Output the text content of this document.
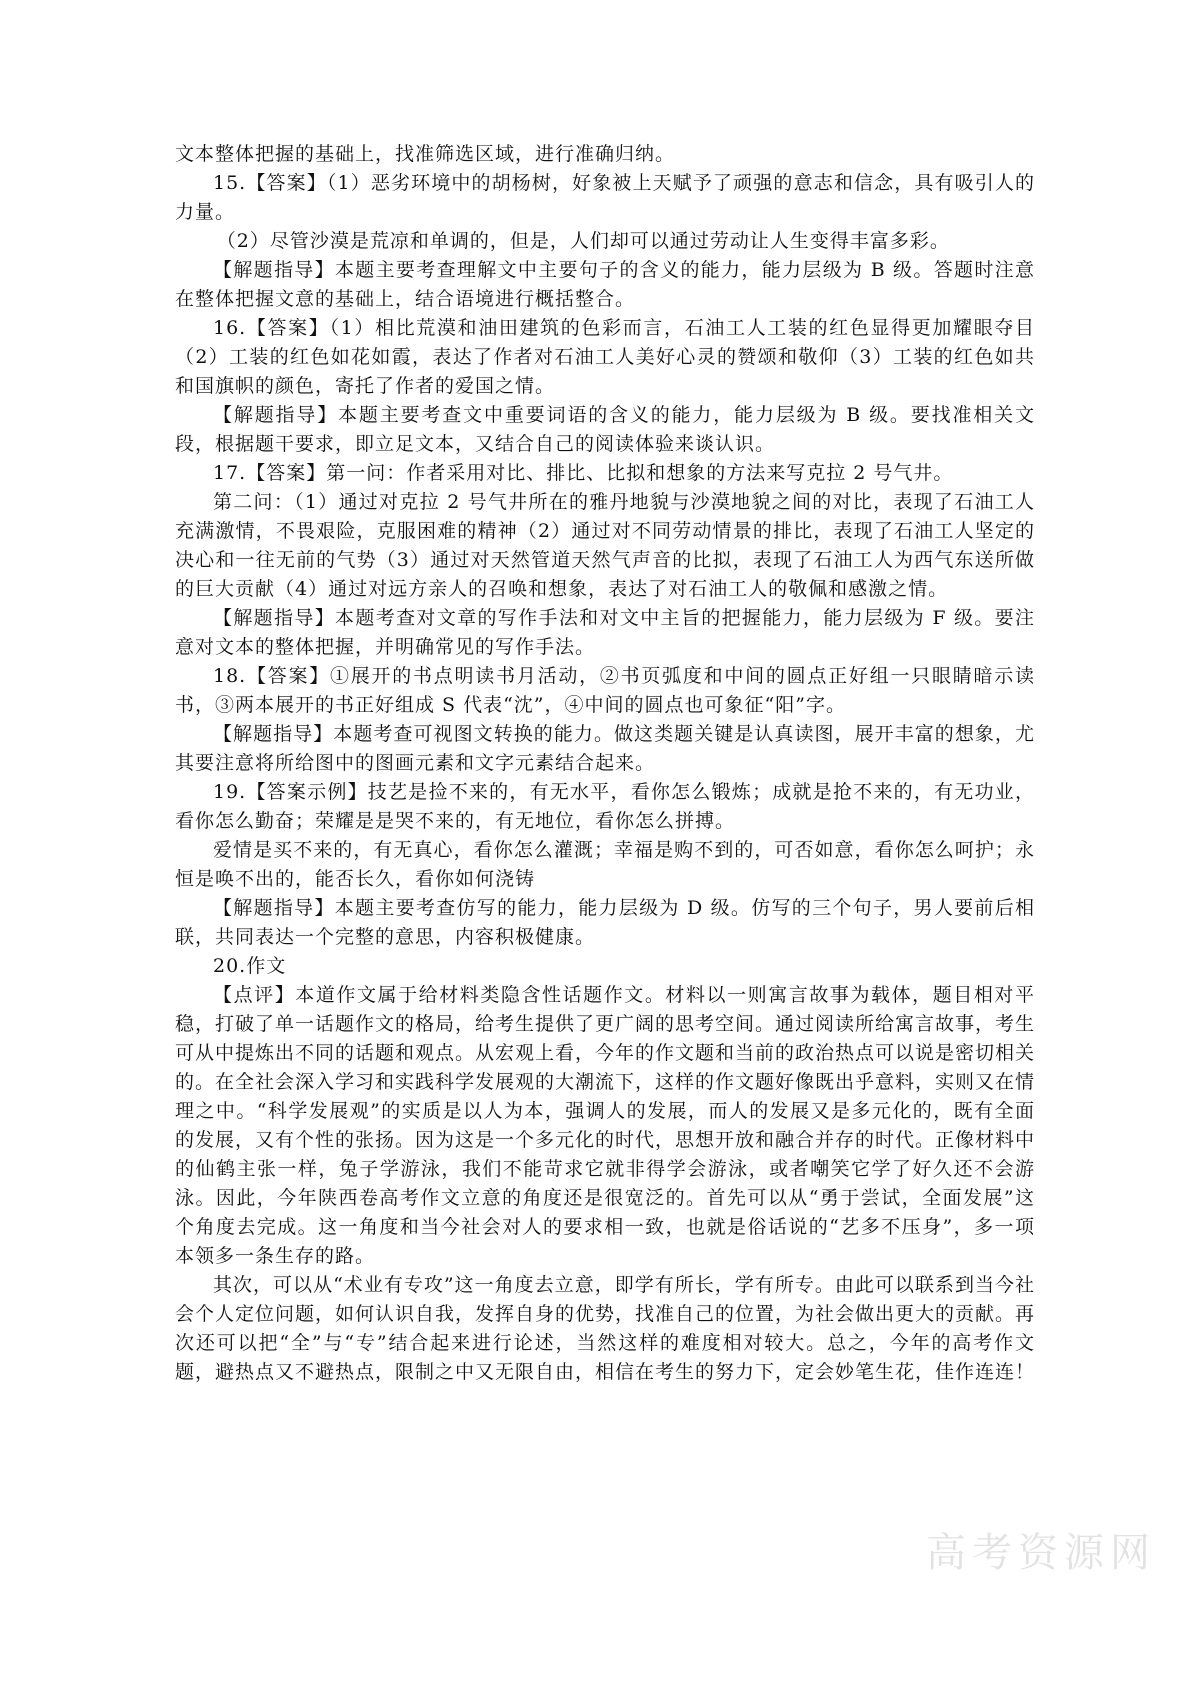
文本整体把握的基础上，找准筛选区域，进行准确归纳。

15.【答案】（1）恶劣环境中的胡杨树，好象被上天赋予了顽强的意志和信念，具有吸引人的力量。

（2）尽管沙漠是荒凉和单调的，但是，人们却可以通过劳动让人生变得丰富多彩。

【解题指导】本题主要考查理解文中主要句子的含义的能力，能力层级为 B 级。答题时注意在整体把握文意的基础上，结合语境进行概括整合。

16.【答案】（1）相比荒漠和油田建筑的色彩而言，石油工人工装的红色显得更加耀眼夺目（2）工装的红色如花如霞，表达了作者对石油工人美好心灵的赞颂和敬仰（3）工装的红色如共和国旗帜的颜色，寄托了作者的爱国之情。

【解题指导】本题主要考查文中重要词语的含义的能力，能力层级为 B 级。要找准相关文段，根据题干要求，即立足文本，又结合自己的阅读体验来谈认识。

17.【答案】第一问：作者采用对比、排比、比拟和想象的方法来写克拉 2 号气井。

第二问：（1）通过对克拉 2 号气井所在的雅丹地貌与沙漠地貌之间的对比，表现了石油工人充满激情，不畏艰险，克服困难的精神（2）通过对不同劳动情景的排比，表现了石油工人坚定的决心和一往无前的气势（3）通过对天然管道天然气声音的比拟，表现了石油工人为西气东送所做的巨大贡献（4）通过对远方亲人的召唤和想象，表达了对石油工人的敬佩和感激之情。

【解题指导】本题考查对文章的写作手法和对文中主旨的把握能力，能力层级为 F 级。要注意对文本的整体把握，并明确常见的写作手法。

18.【答案】①展开的书点明读书月活动，②书页弧度和中间的圆点正好组一只眼睛暗示读书，③两本展开的书正好组成 S 代表“沈”，④中间的圆点也可象征“阳”字。

【解题指导】本题考查可视图文转换的能力。做这类题关键是认真读图，展开丰富的想象，尤其要注意将所给图中的图画元素和文字元素结合起来。

19.【答案示例】技艺是捡不来的，有无水平，看你怎么锻炼；成就是抢不来的，有无功业，看你怎么勤奋；荣耀是是哭不来的，有无地位，看你怎么拼搏。

爱情是买不来的，有无真心，看你怎么灌溉；幸福是购不到的，可否如意，看你怎么呵护；永恒是唤不出的，能否长久，看你如何浇铸

【解题指导】本题主要考查仿写的能力，能力层级为 D 级。仿写的三个句子，男人要前后相联，共同表达一个完整的意思，内容积极健康。

20.作文

【点评】本道作文属于给材料类隐含性话题作文。材料以一则寓言故事为载体，题目相对平稳，打破了单一话题作文的格局，给考生提供了更广阔的思考空间。通过阅读所给寓言故事，考生可从中提炼出不同的话题和观点。从宏观上看，今年的作文题和当前的政治热点可以说是密切相关的。在全社会深入学习和实践科学发展观的大潮流下，这样的作文题好像既出乎意料，实则又在情理之中。“科学发展观”的实质是以人为本，强调人的发展，而人的发展又是多元化的，既有全面的发展，又有个性的张扬。因为这是一个多元化的时代，思想开放和融合并存的时代。正像材料中的仙鹤主张一样，兔子学游泳，我们不能苛求它就非得学会游泳，或者嘲笑它学了好久还不会游泳。因此，今年陕西卷高考作文立意的角度还是很宽泛的。首先可以从“勇于尝试，全面发展”这个角度去完成。这一角度和当今社会对人的要求相一致，也就是俗话说的“艺多不压身”，多一项本领多一条生存的路。

其次，可以从“术业有专攻”这一角度去立意，即学有所长，学有所专。由此可以联系到当今社会个人定位问题，如何认识自我，发挥自身的优势，找准自己的位置，为社会做出更大的贡献。再次还可以把“全”与“专”结合起来进行论述，当然这样的难度相对较大。总之，今年的高考作文题，避热点又不避热点，限制之中又无限自由，相信在考生的努力下，定会妙笔生花，佳作连连！

高考资源网
